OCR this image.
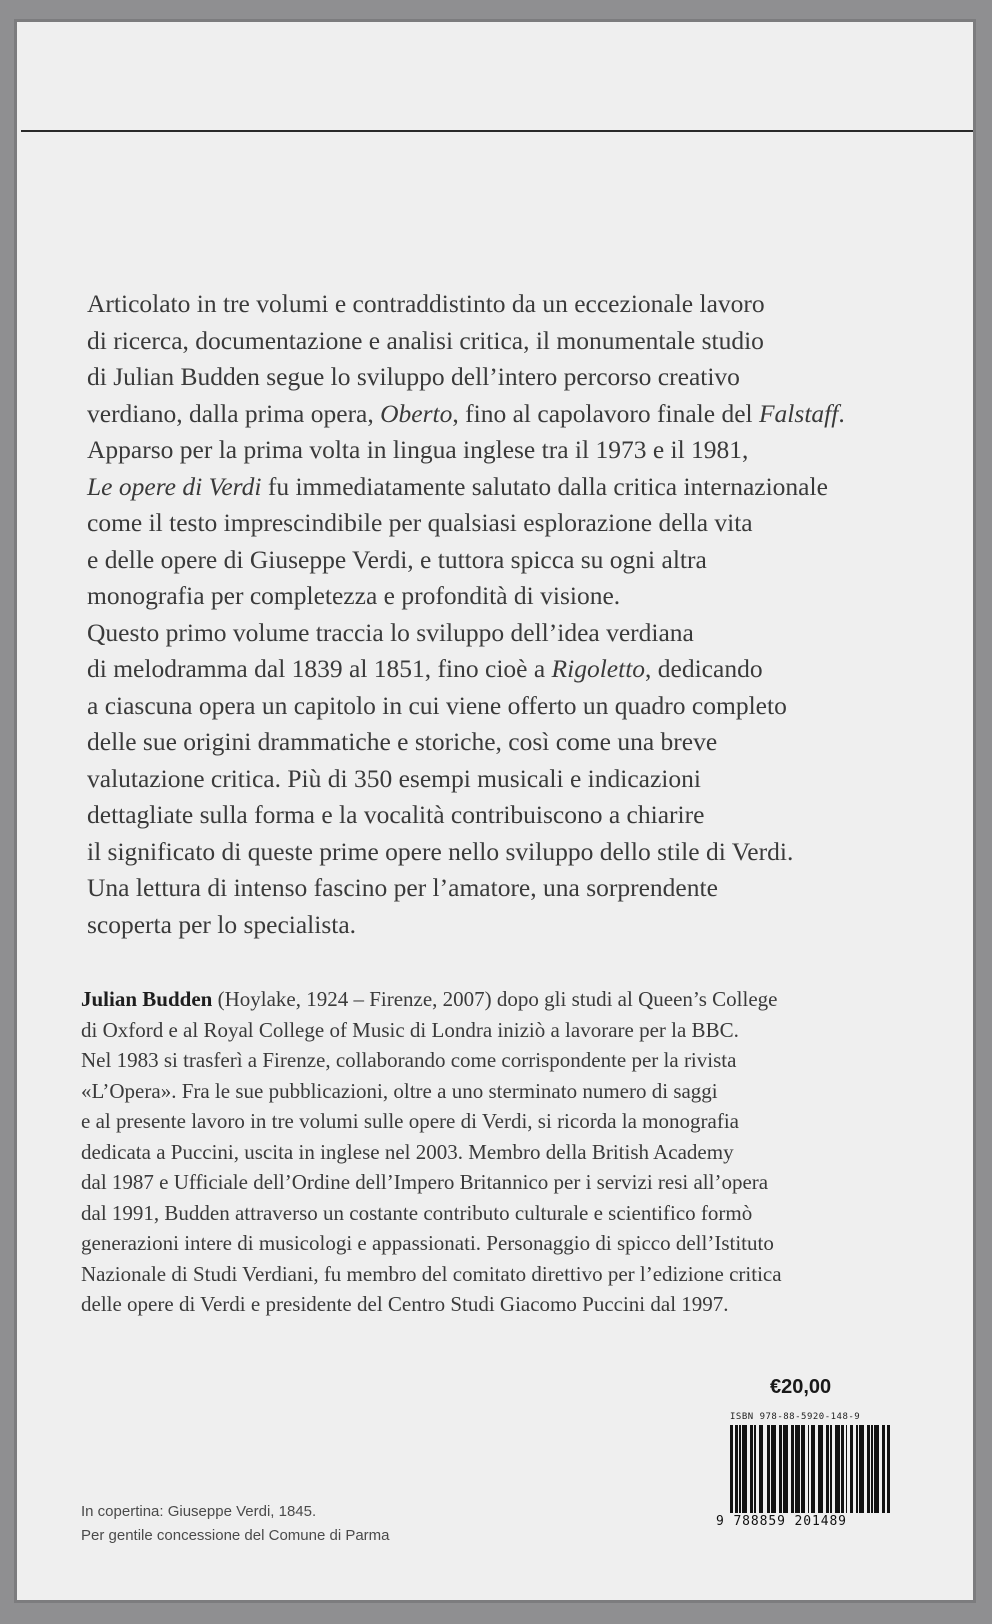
Articolato in tre volumi e contraddistinto da un eccezionale lavoro
di ricerca, documentazione e analisi critica, il monumentale studio
di Julian Budden segue lo sviluppo dell’intero percorso creativo
verdiano, dalla prima opera, Oberto, fino al capolavoro finale del Falstaff.
Apparso per la prima volta in lingua inglese tra il 1973 e il 1981,
Le opere di Verdi fu immediatamente salutato dalla critica internazionale
come il testo imprescindibile per qualsiasi esplorazione della vita
e delle opere di Giuseppe Verdi, e tuttora spicca su ogni altra
monografia per completezza e profondità di visione.
Questo primo volume traccia lo sviluppo dell’idea verdiana
di melodramma dal 1839 al 1851, fino cioè a Rigoletto, dedicando
a ciascuna opera un capitolo in cui viene offerto un quadro completo
delle sue origini drammatiche e storiche, così come una breve
valutazione critica. Più di 350 esempi musicali e indicazioni
dettagliate sulla forma e la vocalità contribuiscono a chiarire
il significato di queste prime opere nello sviluppo dello stile di Verdi.
Una lettura di intenso fascino per l’amatore, una sorprendente
scoperta per lo specialista.
Julian Budden (Hoylake, 1924 – Firenze, 2007) dopo gli studi al Queen’s College
di Oxford e al Royal College of Music di Londra iniziò a lavorare per la BBC.
Nel 1983 si trasferì a Firenze, collaborando come corrispondente per la rivista
«L’Opera». Fra le sue pubblicazioni, oltre a uno sterminato numero di saggi
e al presente lavoro in tre volumi sulle opere di Verdi, si ricorda la monografia
dedicata a Puccini, uscita in inglese nel 2003. Membro della British Academy
dal 1987 e Ufficiale dell’Ordine dell’Impero Britannico per i servizi resi all’opera
dal 1991, Budden attraverso un costante contributo culturale e scientifico formò
generazioni intere di musicologi e appassionati. Personaggio di spicco dell’Istituto
Nazionale di Studi Verdiani, fu membro del comitato direttivo per l’edizione critica
delle opere di Verdi e presidente del Centro Studi Giacomo Puccini dal 1997.
In copertina: Giuseppe Verdi, 1845.
Per gentile concessione del Comune di Parma
€20,00
ISBN 978-88-5920-148-9
9 788859 201489
